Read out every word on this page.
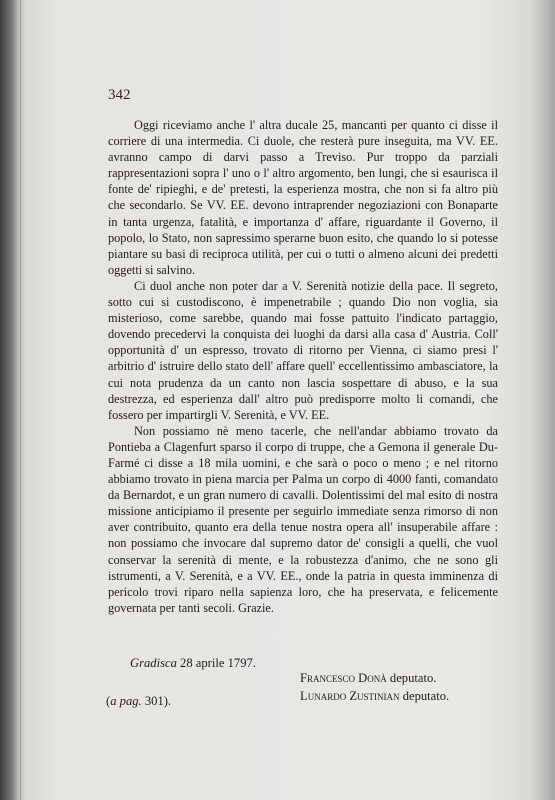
342

Oggi riceviamo anche l' altra ducale 25, mancanti per quanto ci disse il corriere di una intermedia. Ci duole, che resterà pure inseguita, ma VV. EE. avranno campo di darvi passo a Treviso. Pur troppo da parziali rappresentazioni sopra l' uno o l' altro argomento, ben lungi, che si esaurisca il fonte de' ripieghi, e de' pretesti, la esperienza mostra, che non si fa altro più che secondarlo. Se VV. EE. devono intraprender negoziazioni con Bonaparte in tanta urgenza, fatalità, e importanza d' affare, riguardante il Governo, il popolo, lo Stato, non sapressimo sperarne buon esito, che quando lo si potesse piantare su basi di reciproca utilità, per cui o tutti o almeno alcuni dei predetti oggetti si salvino.

Ci duol anche non poter dar a V. Serenità notizie della pace. Il segreto, sotto cui si custodiscono, è impenetrabile ; quando Dio non voglia, sia misterioso, come sarebbe, quando mai fosse pattuito l'indicato partaggio, dovendo precedervi la conquista dei luoghi da darsi alla casa d' Austria. Coll' opportunità d' un espresso, trovato di ritorno per Vienna, ci siamo presi l' arbitrio d' istruire dello stato dell' affare quell' eccellentissimo ambasciatore, la cui nota prudenza da un canto non lascia sospettare di abuso, e la sua destrezza, ed esperienza dall' altro può predisporre molto li comandi, che fossero per impartirgli V. Serenità, e VV. EE.

Non possiamo nè meno tacerle, che nell'andar abbiamo trovato da Pontieba a Clagenfurt sparso il corpo di truppe, che a Gemona il generale Du-Farmé ci disse a 18 mila uomini, e che sarà o poco o meno ; e nel ritorno abbiamo trovato in piena marcia per Palma un corpo di 4000 fanti, comandato da Bernardot, e un gran numero di cavalli. Dolentissimi del mal esito di nostra missione anticipiamo il presente per seguirlo immediate senza rimorso di non aver contribuito, quanto era della tenue nostra opera all' insuperabile affare : non possiamo che invocare dal supremo dator de' consigli a quelli, che vuol conservar la serenità di mente, e la robustezza d'animo, che ne sono gli istrumenti, a V. Serenità, e a VV. EE., onde la patria in questa imminenza di pericolo trovi riparo nella sapienza loro, che ha preservata, e felicemente governata per tanti secoli. Grazie.

Gradisca 28 aprile 1797.
Francesco Donà deputato.
Lunardo Zustinian deputato.
(a pag. 301).
